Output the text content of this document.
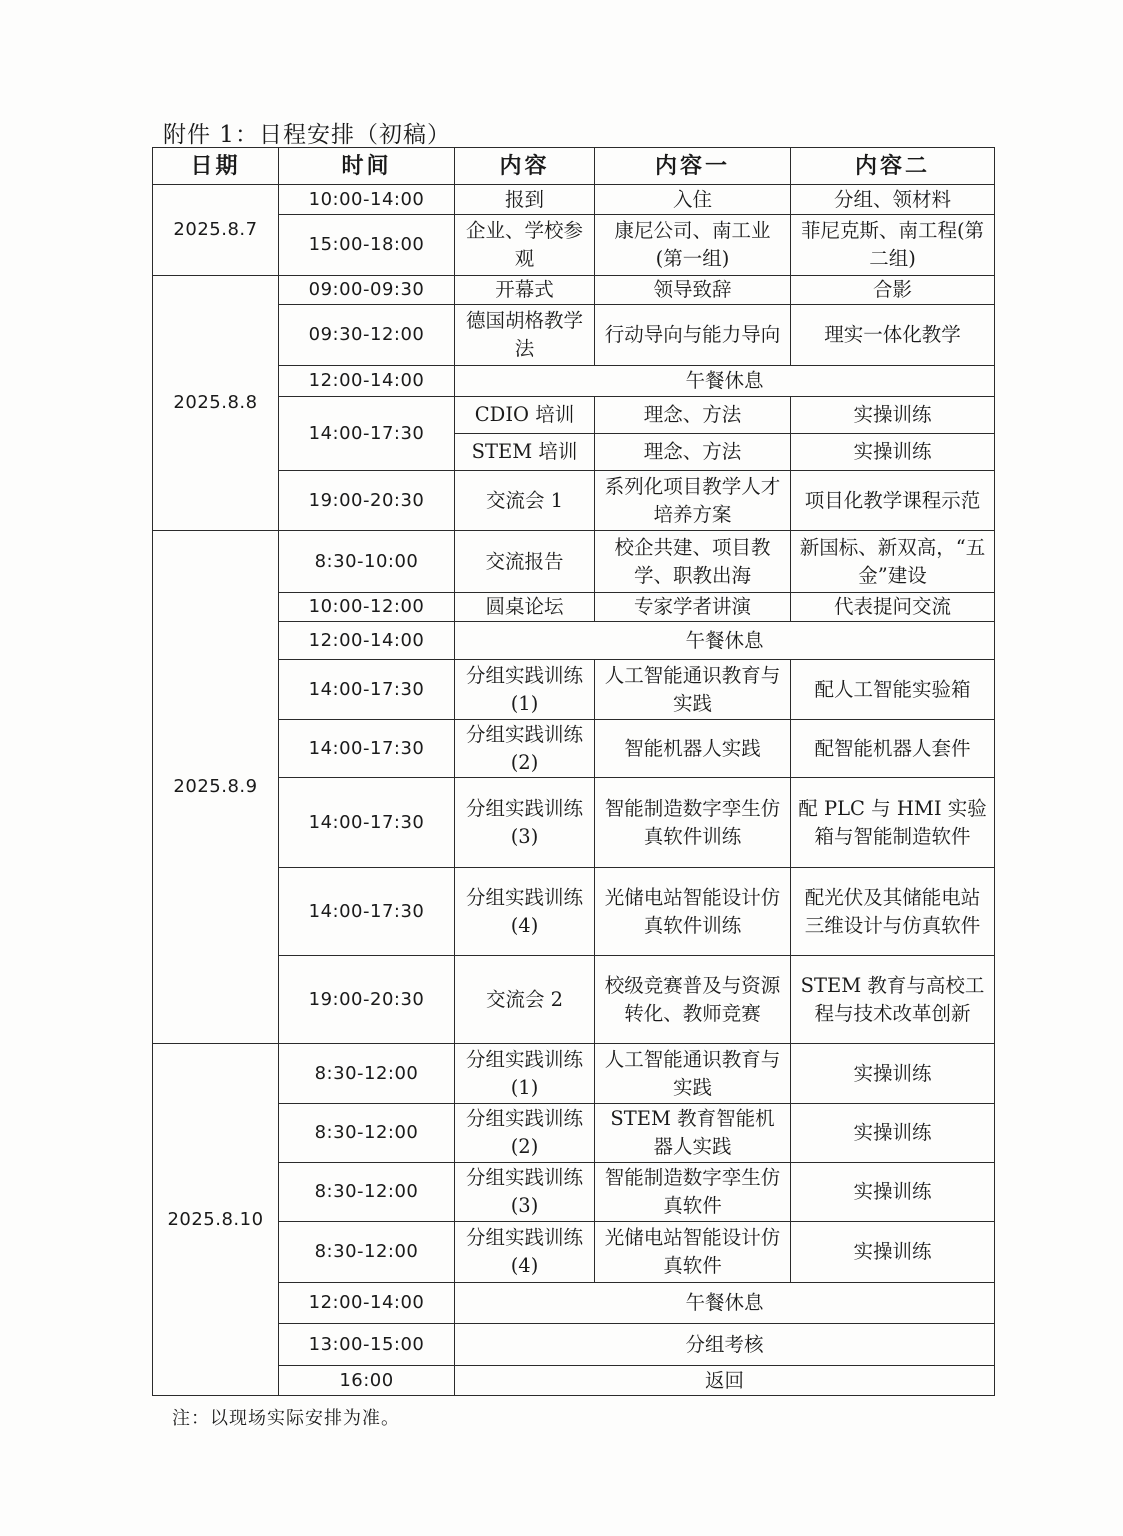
附件 1：日程安排（初稿）
日期	时间	内容	内容一	内容二
2025.8.7	10:00-14:00	报到	入住	分组、领材料
	15:00-18:00	企业、学校参观	康尼公司、南工业(第一组)	菲尼克斯、南工程(第二组)
2025.8.8	09:00-09:30	开幕式	领导致辞	合影
	09:30-12:00	德国胡格教学法	行动导向与能力导向	理实一体化教学
	12:00-14:00	午餐休息		
	14:00-17:30	CDIO 培训	理念、方法	实操训练
		STEM 培训	理念、方法	实操训练
	19:00-20:30	交流会 1	系列化项目教学人才培养方案	项目化教学课程示范
2025.8.9	8:30-10:00	交流报告	校企共建、项目教学、职教出海	新国标、新双高，“五金”建设
	10:00-12:00	圆桌论坛	专家学者讲演	代表提问交流
	12:00-14:00	午餐休息		
	14:00-17:30	分组实践训练(1)	人工智能通识教育与实践	配人工智能实验箱
	14:00-17:30	分组实践训练(2)	智能机器人实践	配智能机器人套件
	14:00-17:30	分组实践训练(3)	智能制造数字孪生仿真软件训练	配 PLC 与 HMI 实验箱与智能制造软件
	14:00-17:30	分组实践训练(4)	光储电站智能设计仿真软件训练	配光伏及其储能电站三维设计与仿真软件
	19:00-20:30	交流会 2	校级竞赛普及与资源转化、教师竞赛	STEM 教育与高校工程与技术改革创新
2025.8.10	8:30-12:00	分组实践训练(1)	人工智能通识教育与实践	实操训练
	8:30-12:00	分组实践训练(2)	STEM 教育智能机器人实践	实操训练
	8:30-12:00	分组实践训练(3)	智能制造数字孪生仿真软件	实操训练
	8:30-12:00	分组实践训练(4)	光储电站智能设计仿真软件	实操训练
	12:00-14:00	午餐休息		
	13:00-15:00	分组考核		
	16:00	返回		
注：以现场实际安排为准。
